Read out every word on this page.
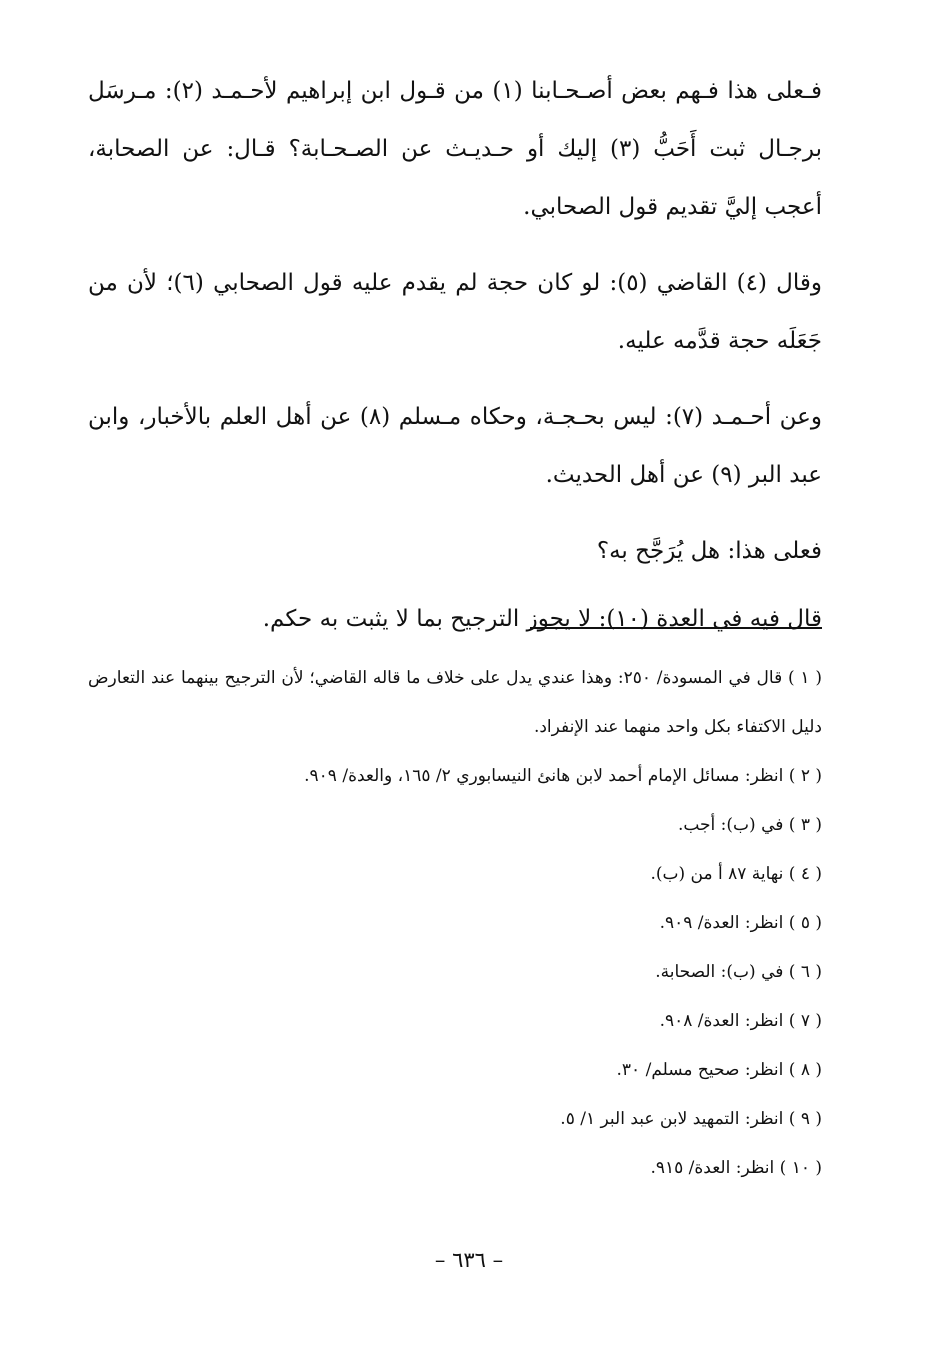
فـعلى هذا فـهم بعض أصـحـابنا (١) من قـول ابن إبراهيم لأحـمـد (٢): مـرسَل برجـال ثبت أَحَبُّ (٣) إليك أو حـديـث عن الصـحـابة؟ قـال: عن الصحابة، أعجب إليَّ تقديم قول الصحابي.

وقال (٤) القاضي (٥): لو كان حجة لم يقدم عليه قول الصحابي (٦)؛ لأن من جَعَلَه حجة قدَّمه عليه.

وعن أحـمـد (٧): ليس بحـجـة، وحكاه مـسلم (٨) عن أهل العلم بالأخبار، وابن عبد البر (٩) عن أهل الحديث.

فعلى هذا: هل يُرَجَّح به؟

قال فيه في العدة (١٠): لا يجوز الترجيح بما لا يثبت به حكم.

( ١ ) قال في المسودة/ ٢٥٠: وهذا عندي يدل على خلاف ما قاله القاضي؛ لأن الترجيح بينهما عند التعارض دليل الاكتفاء بكل واحد منهما عند الإنفراد.

( ٢ ) انظر: مسائل الإمام أحمد لابن هانئ النيسابوري ٢/ ١٦٥، والعدة/ ٩٠٩.

( ٣ ) في (ب): أجب.

( ٤ ) نهاية ٨٧ أ من (ب).

( ٥ ) انظر: العدة/ ٩٠٩.

( ٦ ) في (ب): الصحابة.

( ٧ ) انظر: العدة/ ٩٠٨.

( ٨ ) انظر: صحيح مسلم/ ٣٠.

( ٩ ) انظر: التمهيد لابن عبد البر ١/ ٥.

( ١٠ ) انظر: العدة/ ٩١٥.

– ٦٣٦ –
